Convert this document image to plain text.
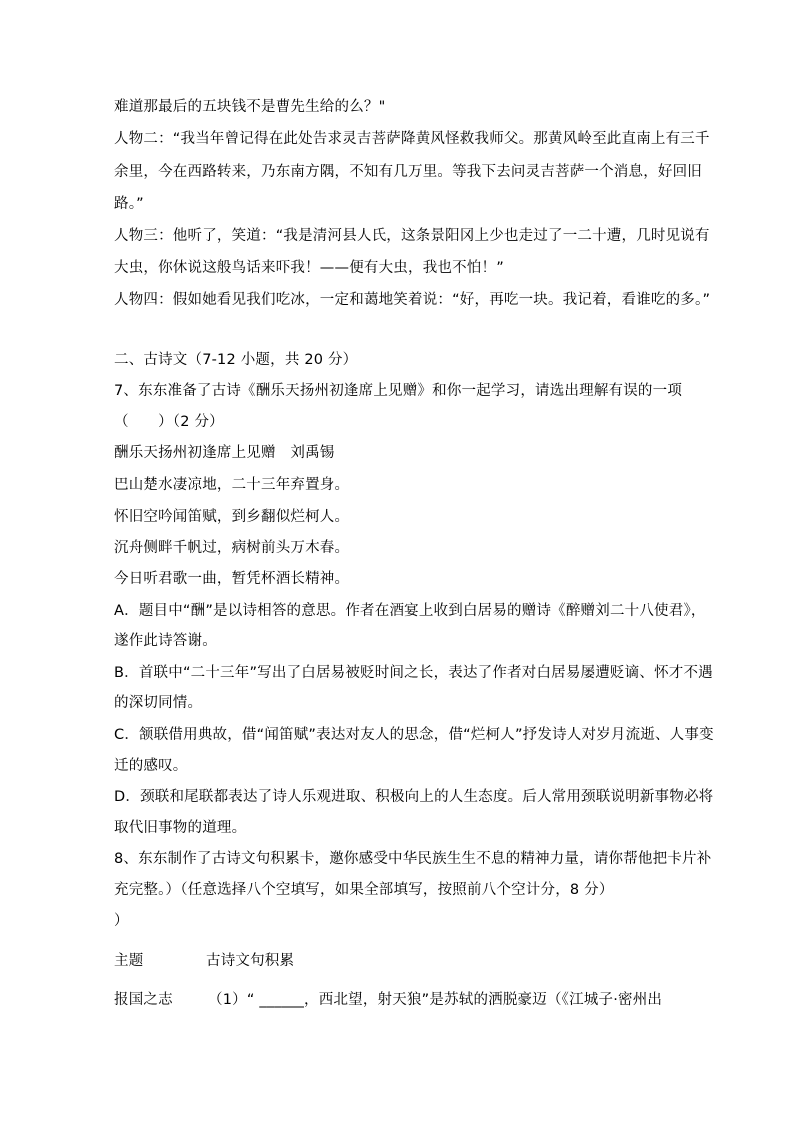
难道那最后的五块钱不是曹先生给的么？"
人物二：“我当年曾记得在此处告求灵吉菩萨降黄风怪救我师父。那黄风岭至此直南上有三千
余里，今在西路转来，乃东南方隅，不知有几万里。等我下去问灵吉菩萨一个消息，好回旧
路。”
人物三：他听了，笑道：“我是清河县人氏，这条景阳冈上少也走过了一二十遭，几时见说有
大虫，你休说这般鸟话来吓我！——便有大虫，我也不怕！”
人物四：假如她看见我们吃冰，一定和蔼地笑着说：“好，再吃一块。我记着，看谁吃的多。”
二、古诗文（7-12 小题，共 20 分）
7、东东准备了古诗《酬乐天扬州初逢席上见赠》和你一起学习，请选出理解有误的一项
（　　）（2 分）
酬乐天扬州初逢席上见赠　刘禹锡
巴山楚水凄凉地，二十三年弃置身。
怀旧空吟闻笛赋，到乡翻似烂柯人。
沉舟侧畔千帆过，病树前头万木春。
今日听君歌一曲，暂凭杯酒长精神。
A．题目中“酬”是以诗相答的意思。作者在酒宴上收到白居易的赠诗《醉赠刘二十八使君》，
遂作此诗答谢。
B．首联中“二十三年”写出了白居易被贬时间之长，表达了作者对白居易屡遭贬谪、怀才不遇
的深切同情。
C．颔联借用典故，借“闻笛赋”表达对友人的思念，借“烂柯人”抒发诗人对岁月流逝、人事变
迁的感叹。
D．颈联和尾联都表达了诗人乐观进取、积极向上的人生态度。后人常用颈联说明新事物必将
取代旧事物的道理。
8、东东制作了古诗文句积累卡，邀你感受中华民族生生不息的精神力量，请你帮他把卡片补
充完整。）（任意选择八个空填写，如果全部填写，按照前八个空计分，8 分）
）
主题	古诗文句积累
报国之志 （1）“ ______，西北望，射天狼”是苏轼的洒脱豪迈（《江城子·密州出
